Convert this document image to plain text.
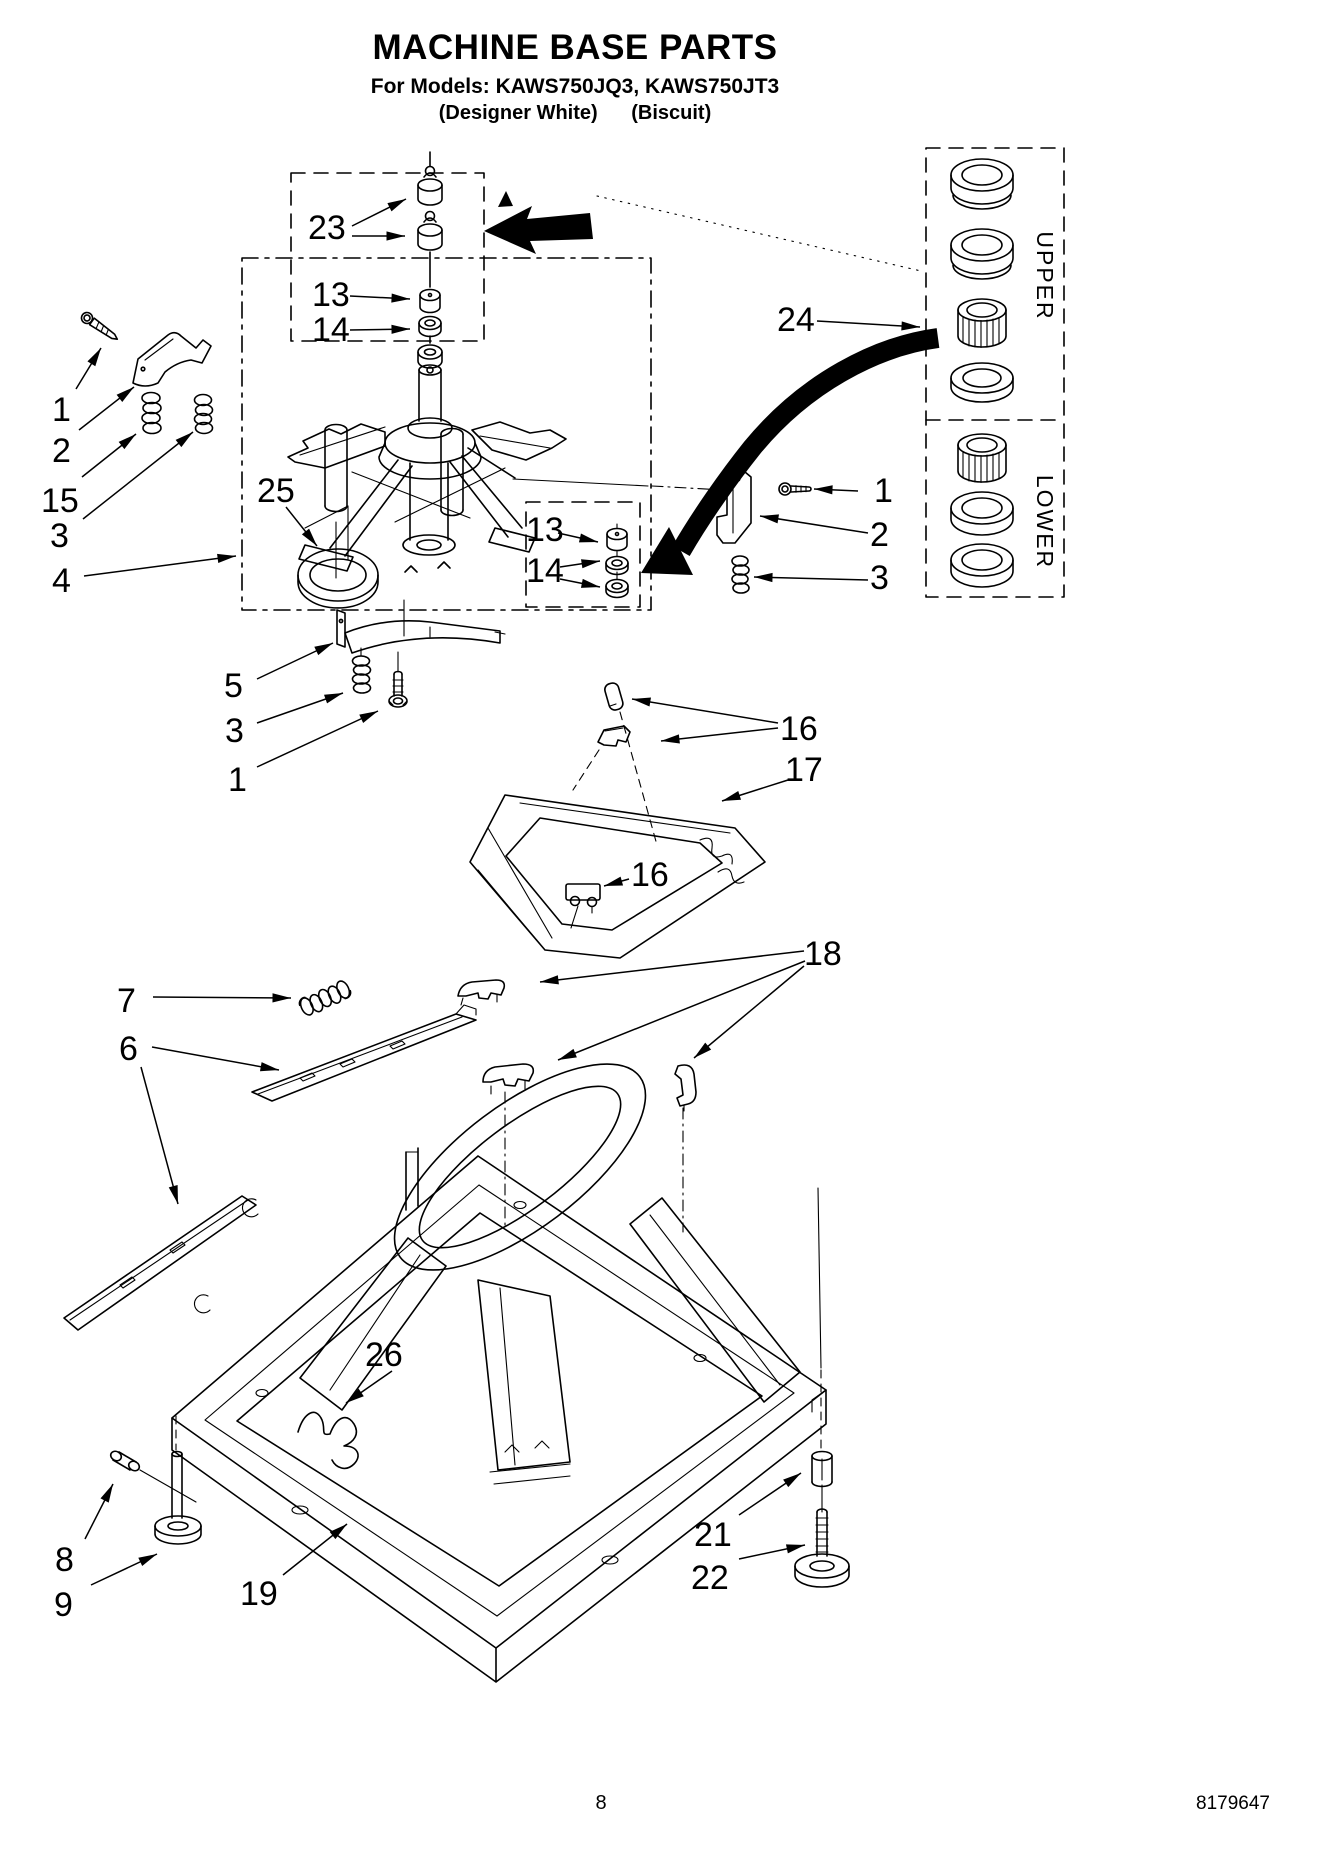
MACHINE BASE PARTS
For Models: KAWS750JQ3, KAWS750JT3
(Designer White) (Biscuit)
23
13
14
1
2
15
3
4
25
24
1
2
3
13
14
5
3
1
16
17
16
18
7
6
26
8
9	19
21
22
UPPER
LOWER
8	8179647
